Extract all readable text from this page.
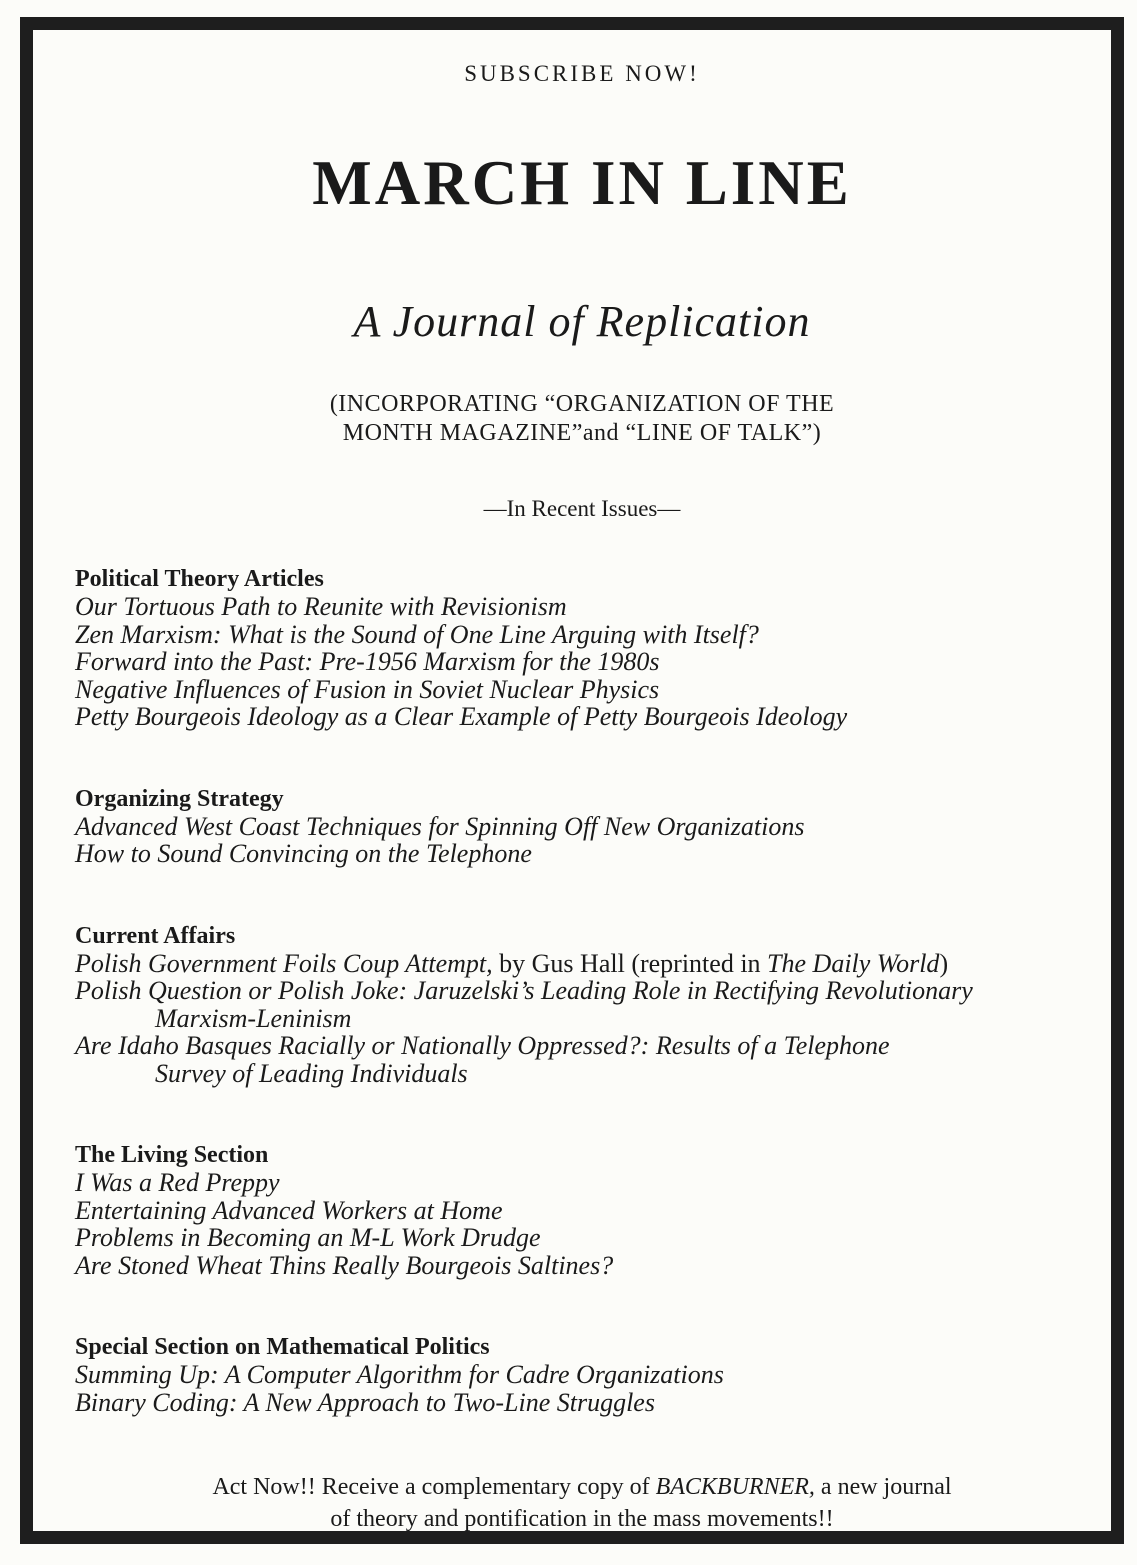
SUBSCRIBE NOW!
MARCH IN LINE
A Journal of Replication
(INCORPORATING “ORGANIZATION OF THE
MONTH MAGAZINE”and “LINE OF TALK”)
—In Recent Issues—
Political Theory Articles
Our Tortuous Path to Reunite with Revisionism
Zen Marxism: What is the Sound of One Line Arguing with Itself?
Forward into the Past: Pre-1956 Marxism for the 1980s
Negative Influences of Fusion in Soviet Nuclear Physics
Petty Bourgeois Ideology as a Clear Example of Petty Bourgeois Ideology
Organizing Strategy
Advanced West Coast Techniques for Spinning Off New Organizations
How to Sound Convincing on the Telephone
Current Affairs
Polish Government Foils Coup Attempt, by Gus Hall (reprinted in The Daily World)
Polish Question or Polish Joke: Jaruzelski’s Leading Role in Rectifying Revolutionary
Marxism-Leninism
Are Idaho Basques Racially or Nationally Oppressed?: Results of a Telephone
Survey of Leading Individuals
The Living Section
I Was a Red Preppy
Entertaining Advanced Workers at Home
Problems in Becoming an M-L Work Drudge
Are Stoned Wheat Thins Really Bourgeois Saltines?
Special Section on Mathematical Politics
Summing Up: A Computer Algorithm for Cadre Organizations
Binary Coding: A New Approach to Two-Line Struggles
Act Now!! Receive a complementary copy of BACKBURNER, a new journal
of theory and pontification in the mass movements!!
